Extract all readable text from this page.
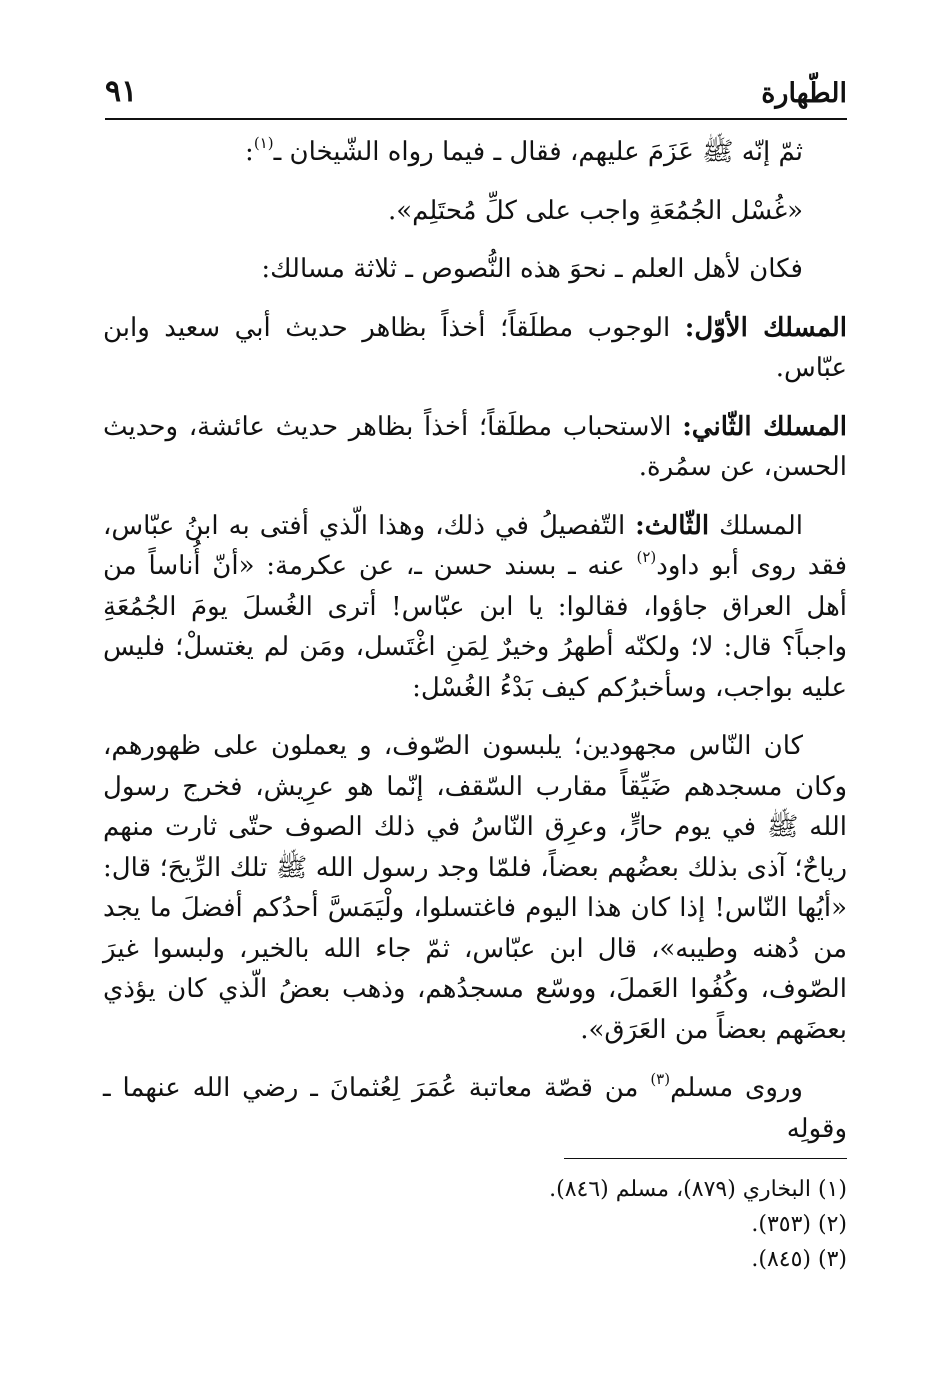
الطّهارة
٩١

ثمّ إنّه ﷺ عَزَمَ عليهم، فقال ـ فيما رواه الشّيخان ـ$^{(١)}$:

«غُسْل الجُمُعَةِ واجب على كلِّ مُحتَلِم».

فكان لأهل العلم ـ نحوَ هذه النُّصوص ـ ثلاثة مسالك:

المسلك الأوّل: الوجوب مطلَقاً؛ أخذاً بظاهر حديث أبي سعيد وابن عبّاس.

المسلك الثّاني: الاستحباب مطلَقاً؛ أخذاً بظاهر حديث عائشة، وحديث الحسن، عن سمُرة.

المسلك الثّالث: التّفصيلُ في ذلك، وهذا الّذي أفتى به ابنُ عبّاس، فقد روى أبو داود$^{(٢)}$ عنه ـ بسند حسن ـ، عن عكرمة: «أنّ أُناساً من أهل العراق جاؤوا، فقالوا: يا ابن عبّاس! أترى الغُسلَ يومَ الجُمُعَةِ واجباً؟ قال: لا؛ ولكنّه أطهرُ وخيرٌ لِمَنِ اغْتَسل، ومَن لم يغتسلْ؛ فليس عليه بواجب، وسأخبرُكم كيف بَدْءُ الغُسْل:

كان النّاس مجهودين؛ يلبسون الصّوف، و يعملون على ظهورهم، وكان مسجدهم ضَيِّقاً مقارب السّقف، إنّما هو عرِيش، فخرج رسول الله ﷺ في يوم حارٍّ، وعرِق النّاسُ في ذلك الصوف حتّى ثارت منهم رياحٌ؛ آذى بذلك بعضُهم بعضاً، فلمّا وجد رسول الله ﷺ تلك الرِّيحَ؛ قال: «أيُها النّاس! إذا كان هذا اليوم فاغتسلوا، ولْيَمَسَّ أحدُكم أفضلَ ما يجد من دُهنه وطيبه»، قال ابن عبّاس، ثمّ جاء الله بالخير، ولبسوا غيرَ الصّوف، وكُفُوا العَملَ، ووسّع مسجدُهم، وذهب بعضُ الّذي كان يؤذي بعضَهم بعضاً من العَرَق».

وروى مسلم$^{(٣)}$ من قصّة معاتبة عُمَرَ لِعُثمانَ ـ رضي الله عنهما ـ وقولِه

(١) البخاري (٨٧٩)، مسلم (٨٤٦).

(٢) (٣٥٣).

(٣) (٨٤٥).
